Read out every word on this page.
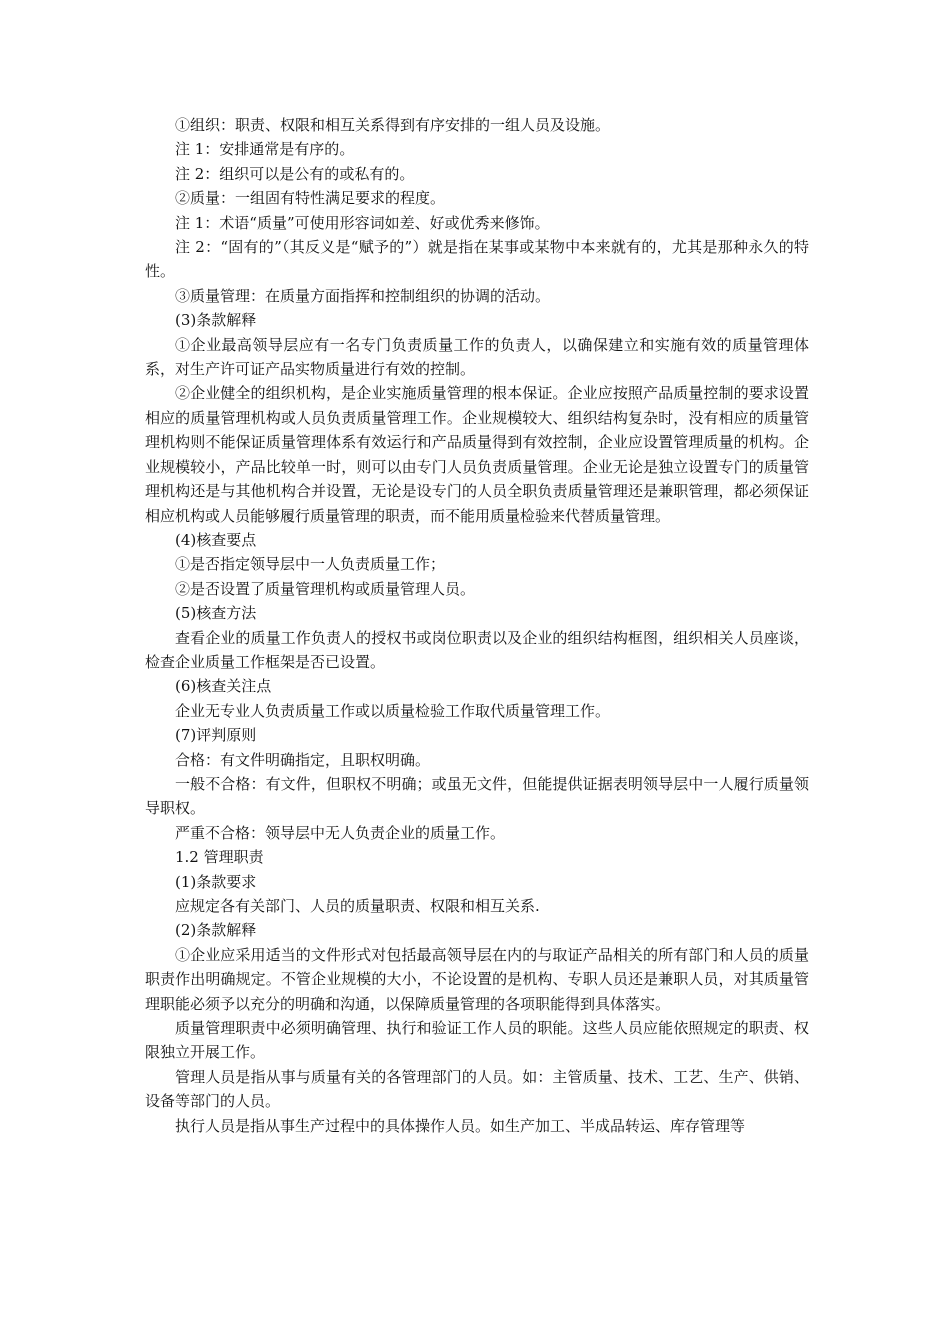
①组织：职责、权限和相互关系得到有序安排的一组人员及设施。

注 1：安排通常是有序的。

注 2：组织可以是公有的或私有的。

②质量：一组固有特性满足要求的程度。

注 1：术语“质量”可使用形容词如差、好或优秀来修饰。

注 2：“固有的”（其反义是“赋予的”）就是指在某事或某物中本来就有的，尤其是那种永久的特性。

③质量管理：在质量方面指挥和控制组织的协调的活动。

(3)条款解释

①企业最高领导层应有一名专门负责质量工作的负责人，以确保建立和实施有效的质量管理体系，对生产许可证产品实物质量进行有效的控制。

②企业健全的组织机构，是企业实施质量管理的根本保证。企业应按照产品质量控制的要求设置相应的质量管理机构或人员负责质量管理工作。企业规模较大、组织结构复杂时，没有相应的质量管理机构则不能保证质量管理体系有效运行和产品质量得到有效控制，企业应设置管理质量的机构。企业规模较小，产品比较单一时，则可以由专门人员负责质量管理。企业无论是独立设置专门的质量管理机构还是与其他机构合并设置，无论是设专门的人员全职负责质量管理还是兼职管理，都必须保证相应机构或人员能够履行质量管理的职责，而不能用质量检验来代替质量管理。

(4)核查要点

①是否指定领导层中一人负责质量工作；

②是否设置了质量管理机构或质量管理人员。

(5)核查方法

查看企业的质量工作负责人的授权书或岗位职责以及企业的组织结构框图，组织相关人员座谈，检查企业质量工作框架是否已设置。

(6)核查关注点

企业无专业人负责质量工作或以质量检验工作取代质量管理工作。

(7)评判原则

合格：有文件明确指定，且职权明确。

一般不合格：有文件，但职权不明确；或虽无文件，但能提供证据表明领导层中一人履行质量领导职权。

严重不合格：领导层中无人负责企业的质量工作。

1.2 管理职责

(1)条款要求

应规定各有关部门、人员的质量职责、权限和相互关系.

(2)条款解释

①企业应采用适当的文件形式对包括最高领导层在内的与取证产品相关的所有部门和人员的质量职责作出明确规定。不管企业规模的大小，不论设置的是机构、专职人员还是兼职人员，对其质量管理职能必须予以充分的明确和沟通，以保障质量管理的各项职能得到具体落实。

质量管理职责中必须明确管理、执行和验证工作人员的职能。这些人员应能依照规定的职责、权限独立开展工作。

管理人员是指从事与质量有关的各管理部门的人员。如：主管质量、技术、工艺、生产、供销、设备等部门的人员。

执行人员是指从事生产过程中的具体操作人员。如生产加工、半成品转运、库存管理等
